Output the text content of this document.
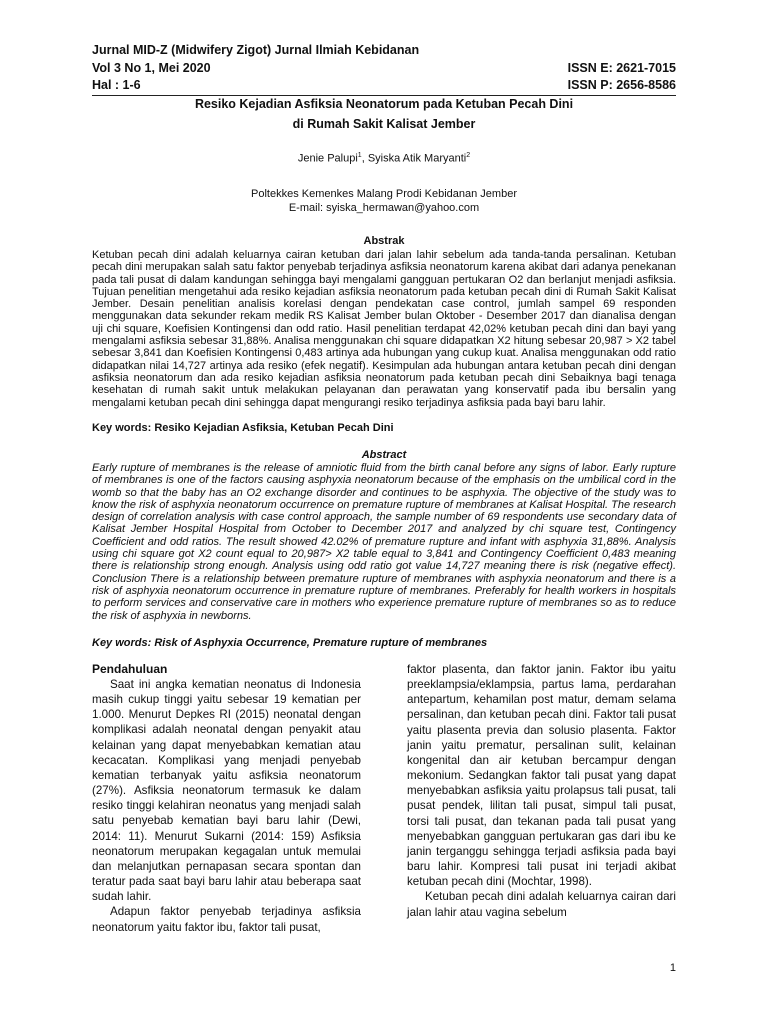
Jurnal MID-Z (Midwifery Zigot) Jurnal Ilmiah Kebidanan
Vol 3 No 1, Mei 2020	ISSN E: 2621-7015
Hal : 1-6	ISSN P: 2656-8586
Resiko Kejadian Asfiksia Neonatorum pada Ketuban Pecah Dini
di Rumah Sakit Kalisat Jember
Jenie Palupi$^1$, Syiska Atik Maryanti$^2$
Poltekkes Kemenkes Malang Prodi Kebidanan Jember
E-mail: syiska_hermawan@yahoo.com
Abstrak
Ketuban pecah dini adalah keluarnya cairan ketuban dari jalan lahir sebelum ada tanda-tanda persalinan. Ketuban pecah dini merupakan salah satu faktor penyebab terjadinya asfiksia neonatorum karena akibat dari adanya penekanan pada tali pusat di dalam kandungan sehingga bayi mengalami gangguan pertukaran O2 dan berlanjut menjadi asfiksia. Tujuan penelitian mengetahui ada resiko kejadian asfiksia neonatorum pada ketuban pecah dini di Rumah Sakit Kalisat Jember. Desain penelitian analisis korelasi dengan pendekatan case control, jumlah sampel 69 responden menggunakan data sekunder rekam medik RS Kalisat Jember bulan Oktober - Desember 2017 dan dianalisa dengan uji chi square, Koefisien Kontingensi dan odd ratio. Hasil penelitian terdapat 42,02% ketuban pecah dini dan bayi yang mengalami asfiksia sebesar 31,88%. Analisa menggunakan chi square didapatkan X2 hitung sebesar 20,987 > X2 tabel sebesar 3,841 dan Koefisien Kontingensi 0,483 artinya ada hubungan yang cukup kuat. Analisa menggunakan odd ratio didapatkan nilai 14,727 artinya ada resiko (efek negatif). Kesimpulan ada hubungan antara ketuban pecah dini dengan asfiksia neonatorum dan ada resiko kejadian asfiksia neonatorum pada ketuban pecah dini Sebaiknya bagi tenaga kesehatan di rumah sakit untuk melakukan pelayanan dan perawatan yang konservatif pada ibu bersalin yang mengalami ketuban pecah dini sehingga dapat mengurangi resiko terjadinya asfiksia pada bayi baru lahir.
Key words: Resiko Kejadian Asfiksia, Ketuban Pecah Dini
Abstract
Early rupture of membranes is the release of amniotic fluid from the birth canal before any signs of labor. Early rupture of membranes is one of the factors causing asphyxia neonatorum because of the emphasis on the umbilical cord in the womb so that the baby has an O2 exchange disorder and continues to be asphyxia. The objective of the study was to know the risk of asphyxia neonatorum occurrence on premature rupture of membranes at Kalisat Hospital. The research design of correlation analysis with case control approach, the sample number of 69 respondents use secondary data of Kalisat Jember Hospital Hospital from October to December 2017 and analyzed by chi square test, Contingency Coefficient and odd ratios. The result showed 42.02% of premature rupture and infant with asphyxia 31,88%. Analysis using chi square got X2 count equal to 20,987> X2 table equal to 3,841 and Contingency Coefficient 0,483 meaning there is relationship strong enough. Analysis using odd ratio got value 14,727 meaning there is risk (negative effect). Conclusion There is a relationship between premature rupture of membranes with asphyxia neonatorum and there is a risk of asphyxia neonatorum occurrence in premature rupture of membranes. Preferably for health workers in hospitals to perform services and conservative care in mothers who experience premature rupture of membranes so as to reduce the risk of asphyxia in newborns.
Key words: Risk of Asphyxia Occurrence, Premature rupture of membranes
Pendahuluan

Saat ini angka kematian neonatus di Indonesia masih cukup tinggi yaitu sebesar 19 kematian per 1.000. Menurut Depkes RI (2015) neonatal dengan komplikasi adalah neonatal dengan penyakit atau kelainan yang dapat menyebabkan kematian atau kecacatan. Komplikasi yang menjadi penyebab kematian terbanyak yaitu asfiksia neonatorum (27%). Asfiksia neonatorum termasuk ke dalam resiko tinggi kelahiran neonatus yang menjadi salah satu penyebab kematian bayi baru lahir (Dewi, 2014: 11). Menurut Sukarni (2014: 159) Asfiksia neonatorum merupakan kegagalan untuk memulai dan melanjutkan pernapasan secara spontan dan teratur pada saat bayi baru lahir atau beberapa saat sudah lahir.

Adapun faktor penyebab terjadinya asfiksia neonatorum yaitu faktor ibu, faktor tali pusat,

faktor plasenta, dan faktor janin. Faktor ibu yaitu preeklampsia/eklampsia, partus lama, perdarahan antepartum, kehamilan post matur, demam selama persalinan, dan ketuban pecah dini. Faktor tali pusat yaitu plasenta previa dan solusio plasenta. Faktor janin yaitu prematur, persalinan sulit, kelainan kongenital dan air ketuban bercampur dengan mekonium. Sedangkan faktor tali pusat yang dapat menyebabkan asfiksia yaitu prolapsus tali pusat, tali pusat pendek, lilitan tali pusat, simpul tali pusat, torsi tali pusat, dan tekanan pada tali pusat yang menyebabkan gangguan pertukaran gas dari ibu ke janin terganggu sehingga terjadi asfiksia pada bayi baru lahir. Kompresi tali pusat ini terjadi akibat ketuban pecah dini (Mochtar, 1998).

Ketuban pecah dini adalah keluarnya cairan dari jalan lahir atau vagina sebelum

1
